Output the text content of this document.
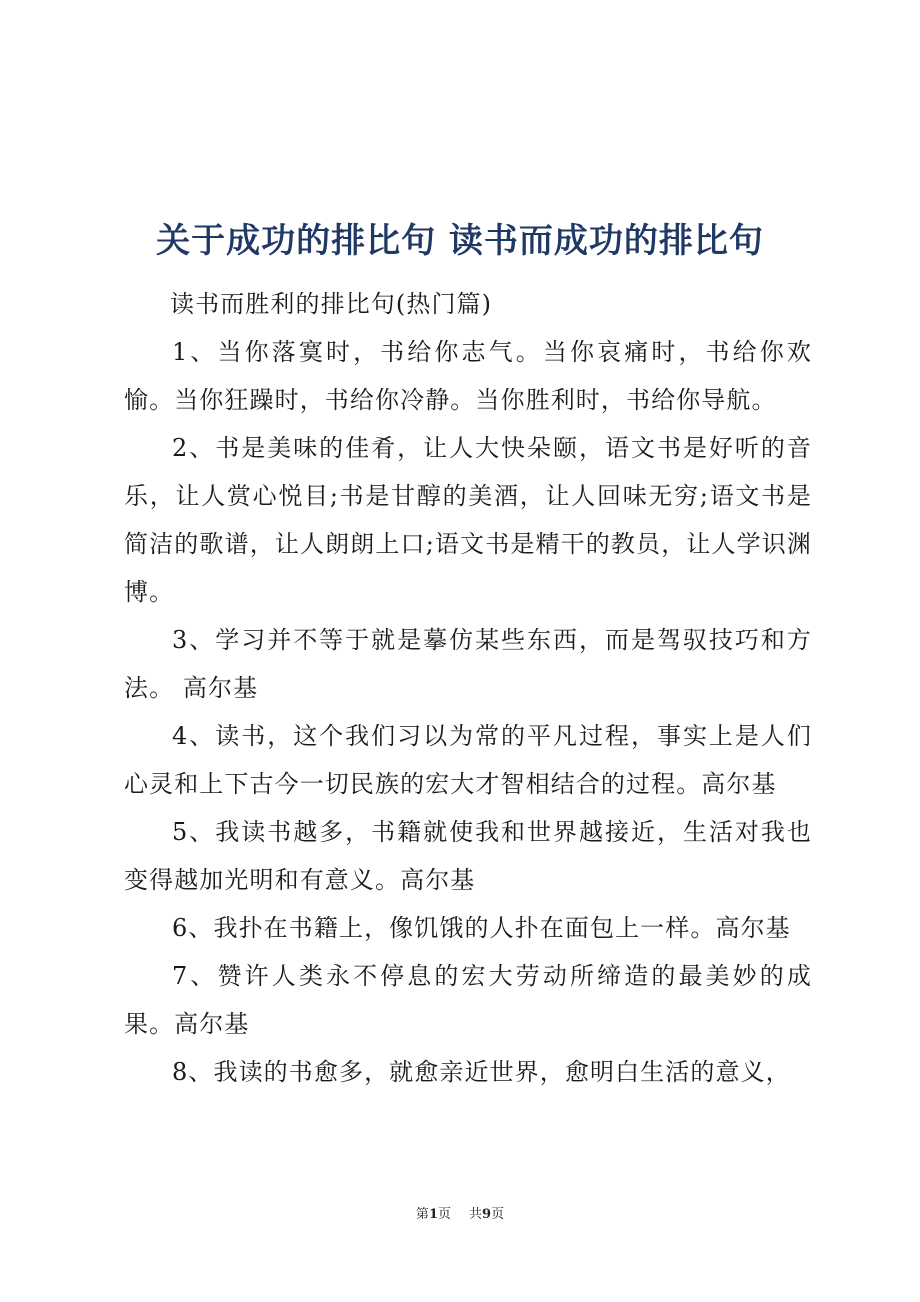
关于成功的排比句 读书而成功的排比句

读书而胜利的排比句(热门篇)

1、当你落寞时，书给你志气。当你哀痛时，书给你欢愉。当你狂躁时，书给你冷静。当你胜利时，书给你导航。

2、书是美味的佳肴，让人大快朵颐，语文书是好听的音乐，让人赏心悦目;书是甘醇的美酒，让人回味无穷;语文书是简洁的歌谱，让人朗朗上口;语文书是精干的教员，让人学识渊博。

3、学习并不等于就是摹仿某些东西，而是驾驭技巧和方法。 高尔基

4、读书，这个我们习以为常的平凡过程，事实上是人们心灵和上下古今一切民族的宏大才智相结合的过程。高尔基

5、我读书越多，书籍就使我和世界越接近，生活对我也变得越加光明和有意义。高尔基

6、我扑在书籍上，像饥饿的人扑在面包上一样。高尔基

7、赞许人类永不停息的宏大劳动所缔造的最美妙的成果。高尔基

8、我读的书愈多，就愈亲近世界，愈明白生活的意义，

第1页 共9页
